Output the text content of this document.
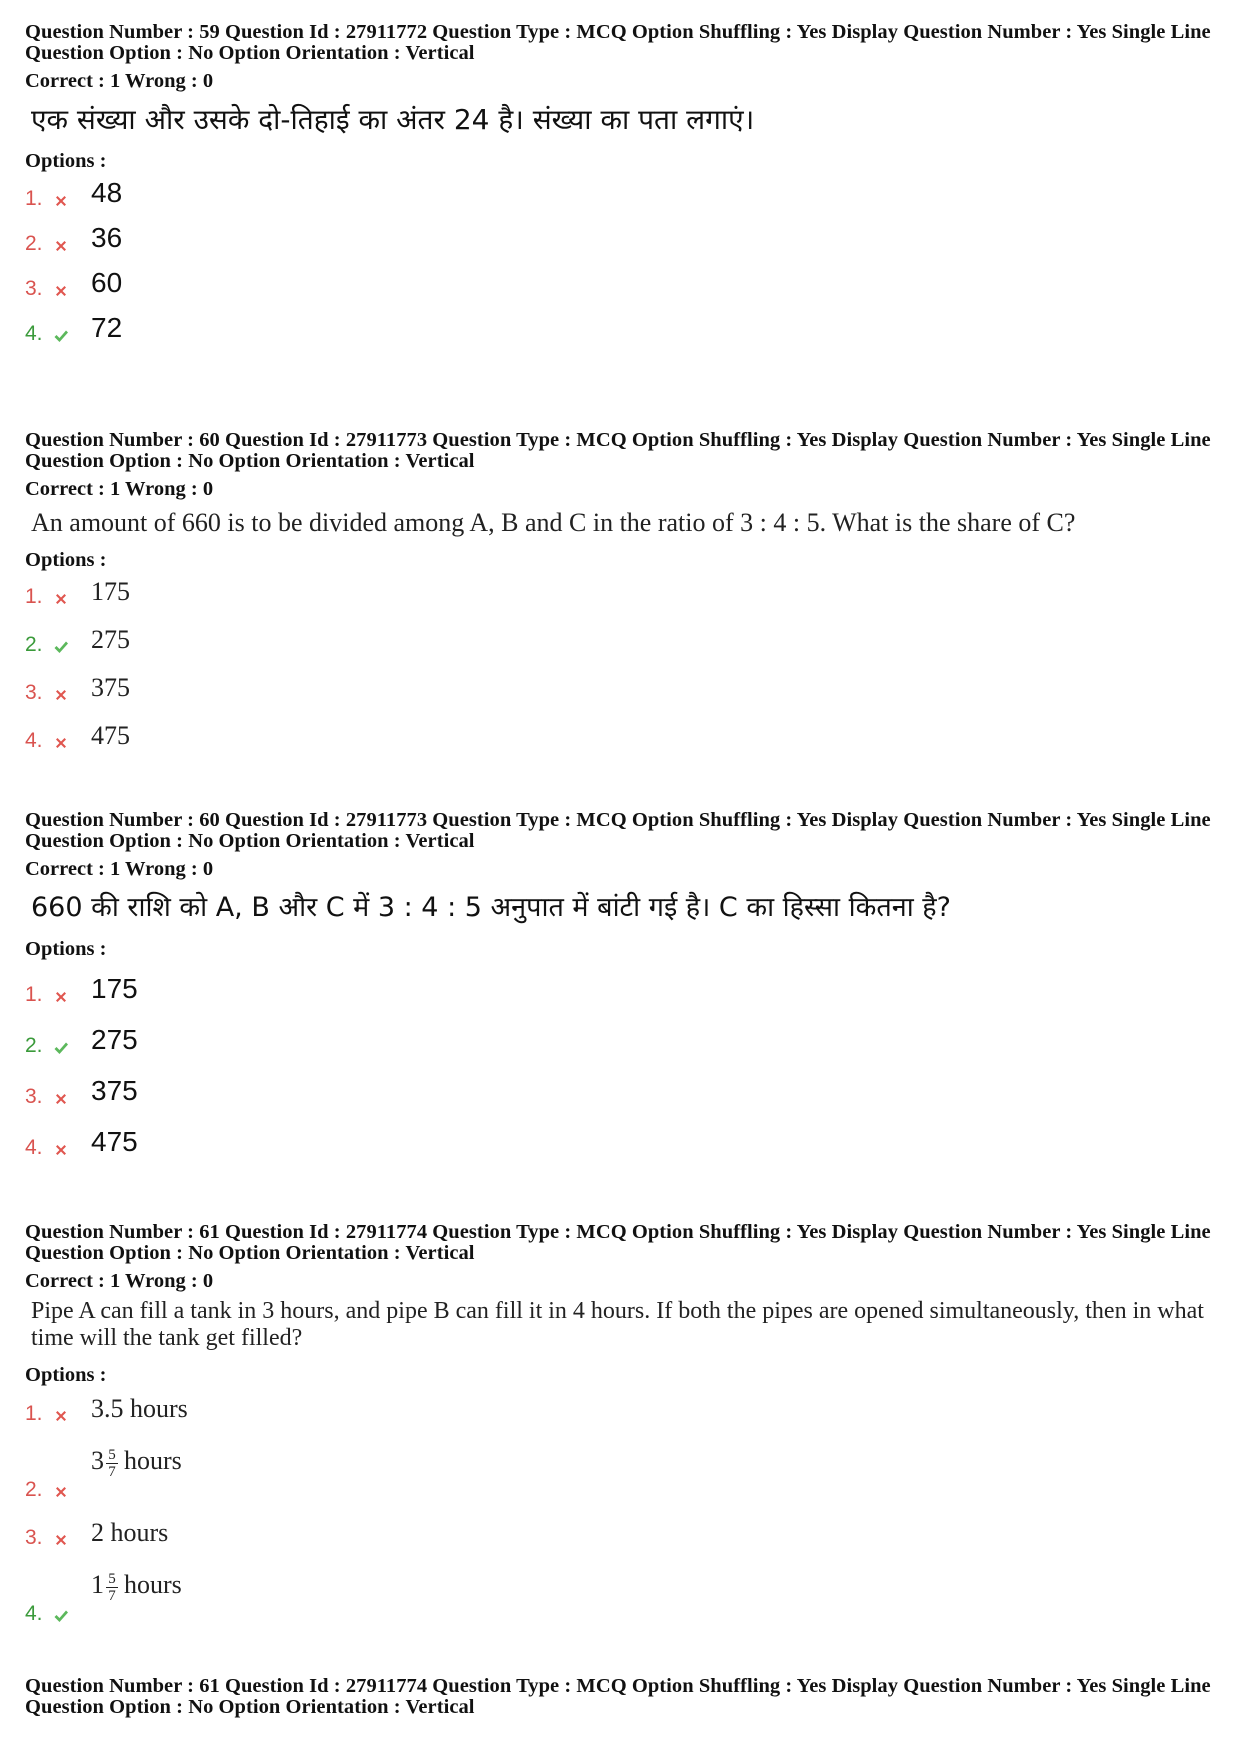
Question Number : 59 Question Id : 27911772 Question Type : MCQ Option Shuffling : Yes Display Question Number : Yes Single Line Question Option : No Option Orientation : Vertical

Correct : 1 Wrong : 0
एक संख्या और उसके दो-तिहाई का अंतर 24 है। संख्या का पता लगाएं।
Options :
1. 48
2. 36
3. 60
4. 72

Question Number : 60 Question Id : 27911773 Question Type : MCQ Option Shuffling : Yes Display Question Number : Yes Single Line Question Option : No Option Orientation : Vertical

Correct : 1 Wrong : 0
An amount of 660 is to be divided among A, B and C in the ratio of 3 : 4 : 5. What is the share of C?
Options :
1. 175
2. 275
3. 375
4. 475

Question Number : 60 Question Id : 27911773 Question Type : MCQ Option Shuffling : Yes Display Question Number : Yes Single Line Question Option : No Option Orientation : Vertical

Correct : 1 Wrong : 0
660 की राशि को A, B और C में 3 : 4 : 5 अनुपात में बांटी गई है। C का हिस्सा कितना है?
Options :
1. 175
2. 275
3. 375
4. 475

Question Number : 61 Question Id : 27911774 Question Type : MCQ Option Shuffling : Yes Display Question Number : Yes Single Line Question Option : No Option Orientation : Vertical

Correct : 1 Wrong : 0
Pipe A can fill a tank in 3 hours, and pipe B can fill it in 4 hours. If both the pipes are opened simultaneously, then in what time will the tank get filled?
Options :
1. 3.5 hours
2.
$3 \frac{5}{7}$ hours
3. 2 hours
4.
$1 \frac{5}{7}$ hours

Question Number : 61 Question Id : 27911774 Question Type : MCQ Option Shuffling : Yes Display Question Number : Yes Single Line Question Option : No Option Orientation : Vertical
